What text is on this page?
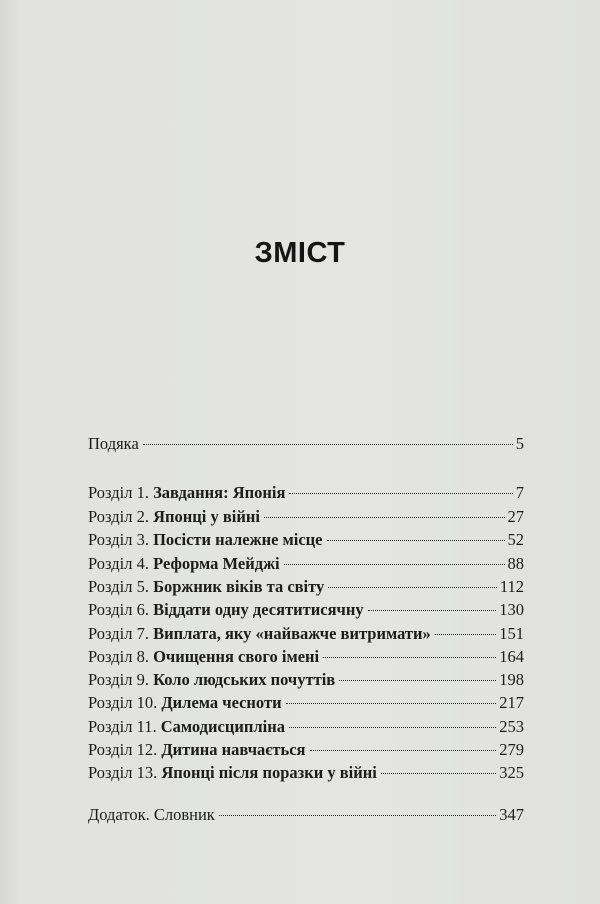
ЗМІСТ
Подяка	5
Розділ 1. Завдання: Японія	7
Розділ 2. Японці у війні	27
Розділ 3. Посісти належне місце	52
Розділ 4. Реформа Мейджі	88
Розділ 5. Боржник віків та світу	112
Розділ 6. Віддати одну десятитисячну	130
Розділ 7. Виплата, яку «найважче витримати»	151
Розділ 8. Очищення свого імені	164
Розділ 9. Коло людських почуттів	198
Розділ 10. Дилема чесноти	217
Розділ 11. Самодисципліна	253
Розділ 12. Дитина навчається	279
Розділ 13. Японці після поразки у війні	325
Додаток. Словник	347
